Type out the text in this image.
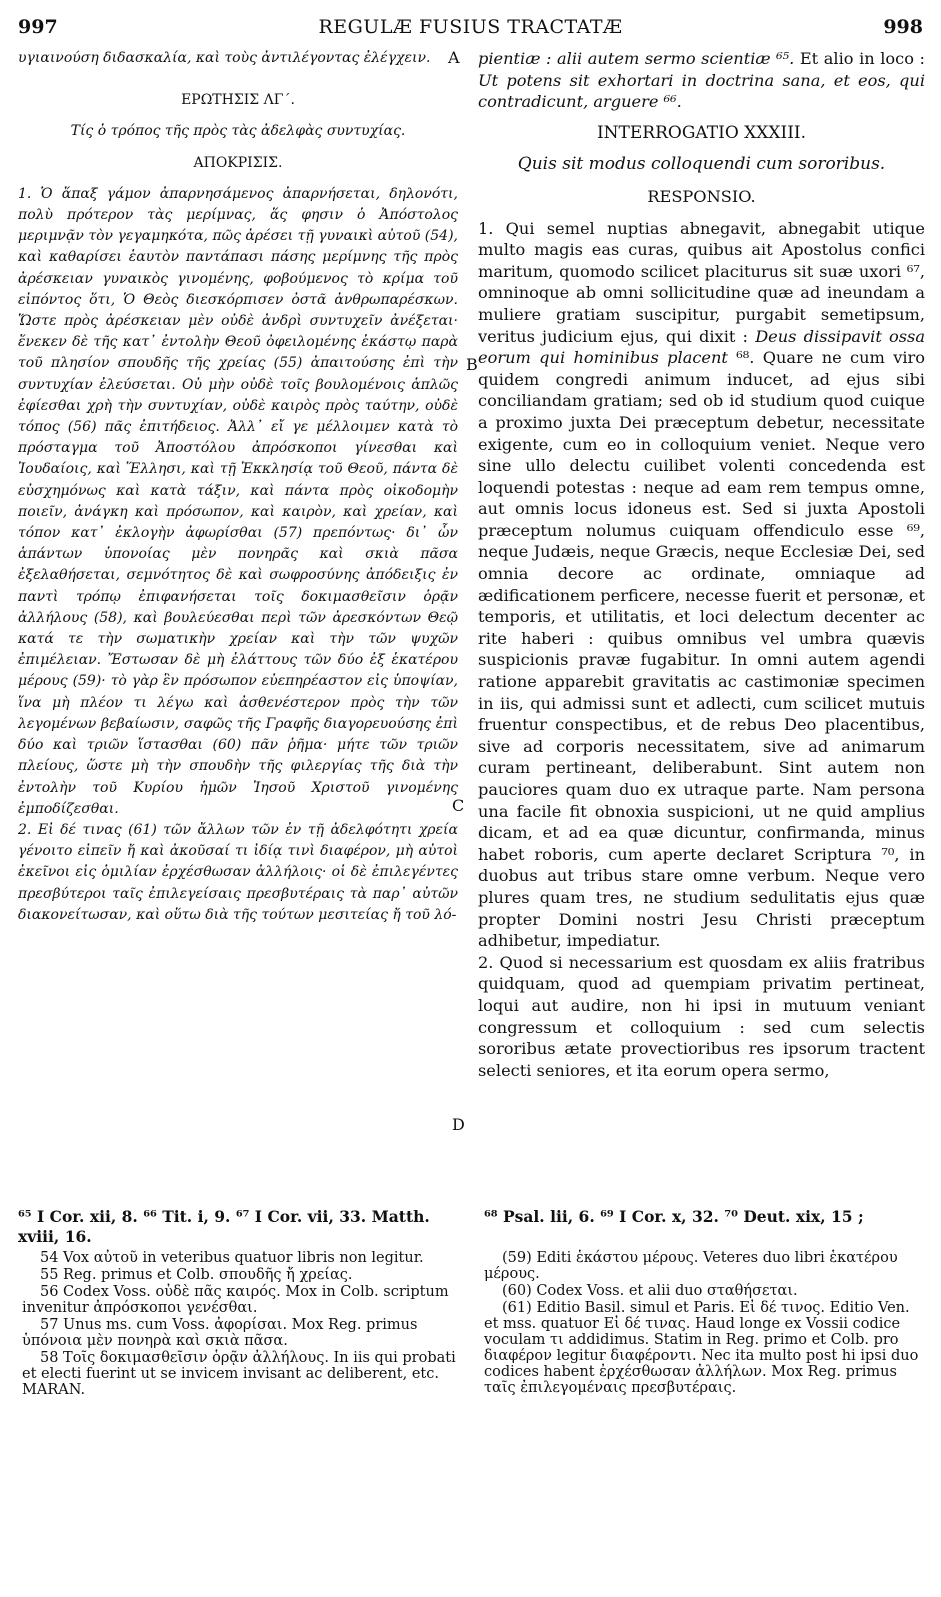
997	REGULÆ FUSIUS TRACTATÆ	998
A
B
C
D

υγιαινούση διδασκαλία, καὶ τοὺς ἀντιλέγοντας ἐλέγχειν.

ΕΡΩΤΗΣΙΣ ΛΓ΄.

Τίς ὁ τρόπος τῆς πρὸς τὰς ἀδελφὰς συντυχίας.

ΑΠΟΚΡΙΣΙΣ.

1. Ὁ ἅπαξ γάμον ἀπαρνησάμενος ἀπαρνήσεται, δηλονότι, πολὺ πρότερον τὰς μερίμνας, ἅς φησιν ὁ Ἀπόστολος μεριμνᾷν τὸν γεγαμηκότα, πῶς ἀρέσει τῇ γυναικὶ αὐτοῦ (54), καὶ καθαρίσει ἑαυτὸν παντάπασι πάσης μερίμνης τῆς πρὸς ἀρέσκειαν γυναικὸς γινομένης, φοβούμενος τὸ κρίμα τοῦ εἰπόντος ὅτι, Ὁ Θεὸς διεσκόρπισεν ὀστᾶ ἀνθρωπαρέσκων. Ὥστε πρὸς ἀρέσκειαν μὲν οὐδὲ ἀνδρὶ συντυχεῖν ἀνέξεται· ἕνεκεν δὲ τῆς κατ᾽ ἐντολὴν Θεοῦ ὀφειλομένης ἑκάστῳ παρὰ τοῦ πλησίον σπουδῆς τῆς χρείας (55) ἀπαιτούσης ἐπὶ τὴν συντυχίαν ἐλεύσεται. Οὐ μὴν οὐδὲ τοῖς βουλομένοις ἁπλῶς ἐφίεσθαι χρὴ τὴν συντυχίαν, οὐδὲ καιρὸς πρὸς ταύτην, οὐδὲ τόπος (56) πᾶς ἐπιτήδειος. Ἀλλ᾽ εἴ γε μέλλοιμεν κατὰ τὸ πρόσταγμα τοῦ Ἀποστόλου ἀπρόσκοποι γίνεσθαι καὶ Ἰουδαίοις, καὶ Ἕλλησι, καὶ τῇ Ἐκκλησίᾳ τοῦ Θεοῦ, πάντα δὲ εὐσχημόνως καὶ κατὰ τάξιν, καὶ πάντα πρὸς οἰκοδομὴν ποιεῖν, ἀνάγκη καὶ πρόσωπον, καὶ καιρὸν, καὶ χρείαν, καὶ τόπον κατ᾽ ἐκλογὴν ἀφωρίσθαι (57) πρεπόντως· δι᾽ ὧν ἁπάντων ὑπονοίας μὲν πονηρᾶς καὶ σκιὰ πᾶσα ἐξελαθήσεται, σεμνότητος δὲ καὶ σωφροσύνης ἀπόδειξις ἐν παντὶ τρόπῳ ἐπιφανήσεται τοῖς δοκιμασθεῖσιν ὁρᾷν ἀλλήλους (58), καὶ βουλεύεσθαι περὶ τῶν ἀρεσκόντων Θεῷ κατά τε τὴν σωματικὴν χρείαν καὶ τὴν τῶν ψυχῶν ἐπιμέλειαν. Ἔστωσαν δὲ μὴ ἐλάττους τῶν δύο ἐξ ἑκατέρου μέρους (59)· τὸ γὰρ ἓν πρόσωπον εὐεπηρέαστον εἰς ὑποψίαν, ἵνα μὴ πλέον τι λέγω καὶ ἀσθενέστερον πρὸς τὴν τῶν λεγομένων βεβαίωσιν, σαφῶς τῆς Γραφῆς διαγορευούσης ἐπὶ δύο καὶ τριῶν ἵστασθαι (60) πᾶν ῥῆμα· μήτε τῶν τριῶν πλείους, ὥστε μὴ τὴν σπουδὴν τῆς φιλεργίας τῆς διὰ τὴν ἐντολὴν τοῦ Κυρίου ἡμῶν Ἰησοῦ Χριστοῦ γινομένης ἐμποδίζεσθαι.

2. Εἰ δέ τινας (61) τῶν ἄλλων τῶν ἐν τῇ ἀδελφότητι χρεία γένοιτο εἰπεῖν ἤ καὶ ἀκοῦσαί τι ἰδίᾳ τινὶ διαφέρον, μὴ αὐτοὶ ἐκεῖνοι εἰς ὁμιλίαν ἐρχέσθωσαν ἀλλήλοις· οἱ δὲ ἐπιλεγέντες πρεσβύτεροι ταῖς ἐπιλεγείσαις πρεσβυτέραις τὰ παρ᾽ αὐτῶν διακονείτωσαν, καὶ οὕτω διὰ τῆς τούτων μεσιτείας ἤ τοῦ λό-

pientiæ : alii autem sermo scientiæ ⁶⁵. Et alio in loco : Ut potens sit exhortari in doctrina sana, et eos, qui contradicunt, arguere ⁶⁶.

INTERROGATIO XXXIII.

Quis sit modus colloquendi cum sororibus.

RESPONSIO.

1. Qui semel nuptias abnegavit, abnegabit utique multo magis eas curas, quibus ait Apostolus confici maritum, quomodo scilicet placiturus sit suæ uxori ⁶⁷, omninoque ab omni sollicitudine quæ ad ineundam a muliere gratiam suscipitur, purgabit semetipsum, veritus judicium ejus, qui dixit : Deus dissipavit ossa eorum qui hominibus placent ⁶⁸. Quare ne cum viro quidem congredi animum inducet, ad ejus sibi conciliandam gratiam; sed ob id studium quod cuique a proximo juxta Dei præceptum debetur, necessitate exigente, cum eo in colloquium veniet. Neque vero sine ullo delectu cuilibet volenti concedenda est loquendi potestas : neque ad eam rem tempus omne, aut omnis locus idoneus est. Sed si juxta Apostoli præceptum nolumus cuiquam offendiculo esse ⁶⁹, neque Judæis, neque Græcis, neque Ecclesiæ Dei, sed omnia decore ac ordinate, omniaque ad ædificationem perficere, necesse fuerit et personæ, et temporis, et utilitatis, et loci delectum decenter ac rite haberi : quibus omnibus vel umbra quævis suspicionis pravæ fugabitur. In omni autem agendi ratione apparebit gravitatis ac castimoniæ specimen in iis, qui admissi sunt et adlecti, cum scilicet mutuis fruentur conspectibus, et de rebus Deo placentibus, sive ad corporis necessitatem, sive ad animarum curam pertineant, deliberabunt. Sint autem non pauciores quam duo ex utraque parte. Nam persona una facile fit obnoxia suspicioni, ut ne quid amplius dicam, et ad ea quæ dicuntur, confirmanda, minus habet roboris, cum aperte declaret Scriptura ⁷⁰, in duobus aut tribus stare omne verbum. Neque vero plures quam tres, ne studium sedulitatis ejus quæ propter Domini nostri Jesu Christi præceptum adhibetur, impediatur.

2. Quod si necessarium est quosdam ex aliis fratribus quidquam, quod ad quempiam privatim pertineat, loqui aut audire, non hi ipsi in mutuum veniant congressum et colloquium : sed cum selectis sororibus ætate provectioribus res ipsorum tractent selecti seniores, et ita eorum opera sermo,

⁶⁵ I Cor. xii, 8. ⁶⁶ Tit. i, 9. ⁶⁷ I Cor. vii, 33. Matth. xviii, 16.
⁶⁸ Psal. lii, 6. ⁶⁹ I Cor. x, 32. ⁷⁰ Deut. xix, 15 ;

54 Vox αὐτοῦ in veteribus quatuor libris non legitur.

55 Reg. primus et Colb. σπουδῆς ἤ χρείας.

56 Codex Voss. οὐδὲ πᾶς καιρός. Mox in Colb. scriptum invenitur ἀπρόσκοποι γενέσθαι.

57 Unus ms. cum Voss. ἀφορίσαι. Mox Reg. primus ὑπόνοια μὲν πονηρὰ καὶ σκιὰ πᾶσα.

58 Τοῖς δοκιμασθεῖσιν ὁρᾷν ἀλλήλους. In iis qui probati et electi fuerint ut se invicem invisant ac deliberent, etc. MARAN.

(59) Editi ἑκάστου μέρους. Veteres duo libri ἑκατέρου μέρους.

(60) Codex Voss. et alii duo σταθήσεται.

(61) Editio Basil. simul et Paris. Εἰ δέ τινος. Editio Ven. et mss. quatuor Εἰ δέ τινας. Haud longe ex Vossii codice voculam τι addidimus. Statim in Reg. primo et Colb. pro διαφέρον legitur διαφέροντι. Nec ita multo post hi ipsi duo codices habent ἐρχέσθωσαν ἀλλήλων. Mox Reg. primus ταῖς ἐπιλεγομέναις πρεσβυτέραις.
